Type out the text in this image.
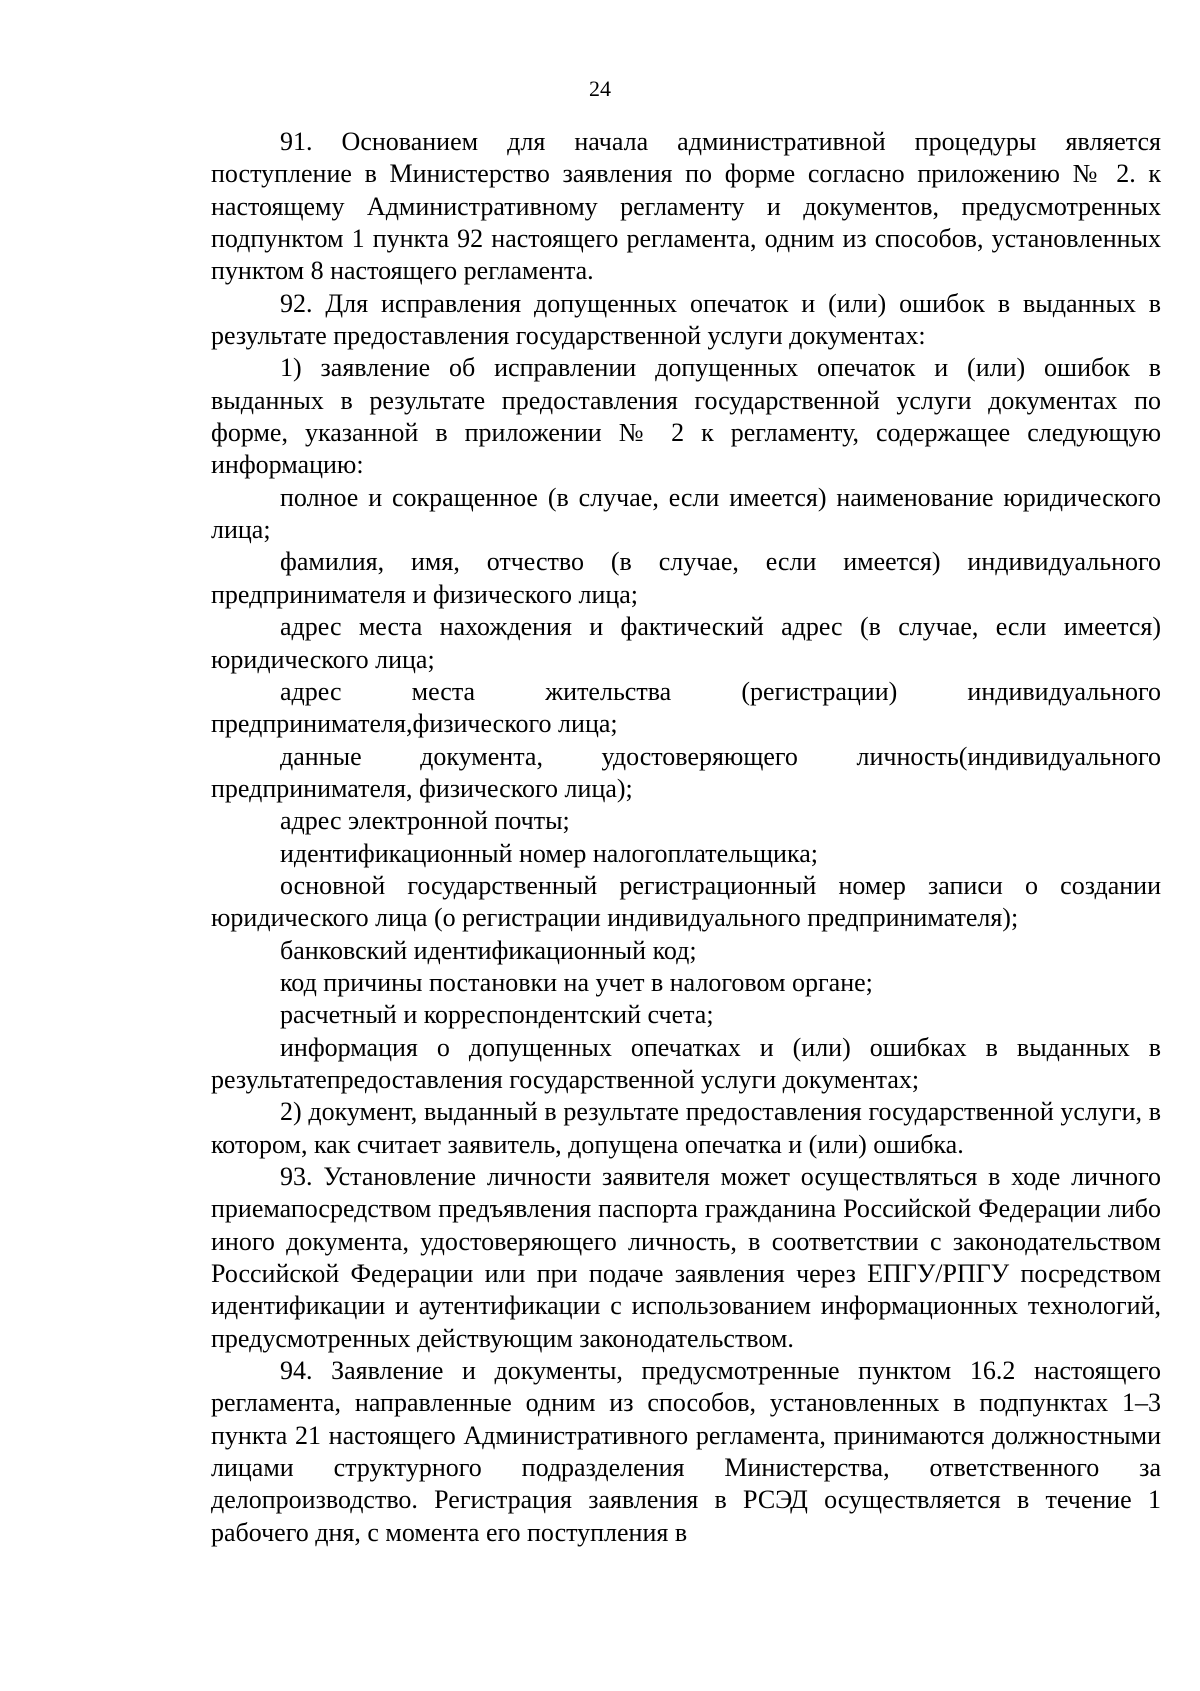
24

91. Основанием для начала административной процедуры является поступление в Министерство заявления по форме согласно приложению № 2. к настоящему Административному регламенту и документов, предусмотренных подпунктом 1 пункта 92 настоящего регламента, одним из способов, установленных пунктом 8 настоящего регламента.

92. Для исправления допущенных опечаток и (или) ошибок в выданных в результате предоставления государственной услуги документах:

1) заявление об исправлении допущенных опечаток и (или) ошибок в выданных в результате предоставления государственной услуги документах по форме, указанной в приложении № 2 к регламенту, содержащее следующую информацию:

полное и сокращенное (в случае, если имеется) наименование юридического лица;

фамилия, имя, отчество (в случае, если имеется) индивидуального предпринимателя и физического лица;

адрес места нахождения и фактический адрес (в случае, если имеется) юридического лица;

адрес места жительства (регистрации) индивидуального предпринимателя,физического лица;

данные документа, удостоверяющего личность(индивидуального предпринимателя, физического лица);

адрес электронной почты;

идентификационный номер налогоплательщика;

основной государственный регистрационный номер записи о создании юридического лица (о регистрации индивидуального предпринимателя);

банковский идентификационный код;

код причины постановки на учет в налоговом органе;

расчетный и корреспондентский счета;

информация о допущенных опечатках и (или) ошибках в выданных в результатепредоставления государственной услуги документах;

2) документ, выданный в результате предоставления государственной услуги, в котором, как считает заявитель, допущена опечатка и (или) ошибка.

93. Установление личности заявителя может осуществляться в ходе личного приемапосредством предъявления паспорта гражданина Российской Федерации либо иного документа, удостоверяющего личность, в соответствии с законодательством Российской Федерации или при подаче заявления через ЕПГУ/РПГУ посредством идентификации и аутентификации с использованием информационных технологий, предусмотренных действующим законодательством.

94. Заявление и документы, предусмотренные пунктом 16.2 настоящего регламента, направленные одним из способов, установленных в подпунктах 1–3 пункта 21 настоящего Административного регламента, принимаются должностными лицами структурного подразделения Министерства, ответственного за делопроизводство. Регистрация заявления в РСЭД осуществляется в течение 1 рабочего дня, с момента его поступления в
